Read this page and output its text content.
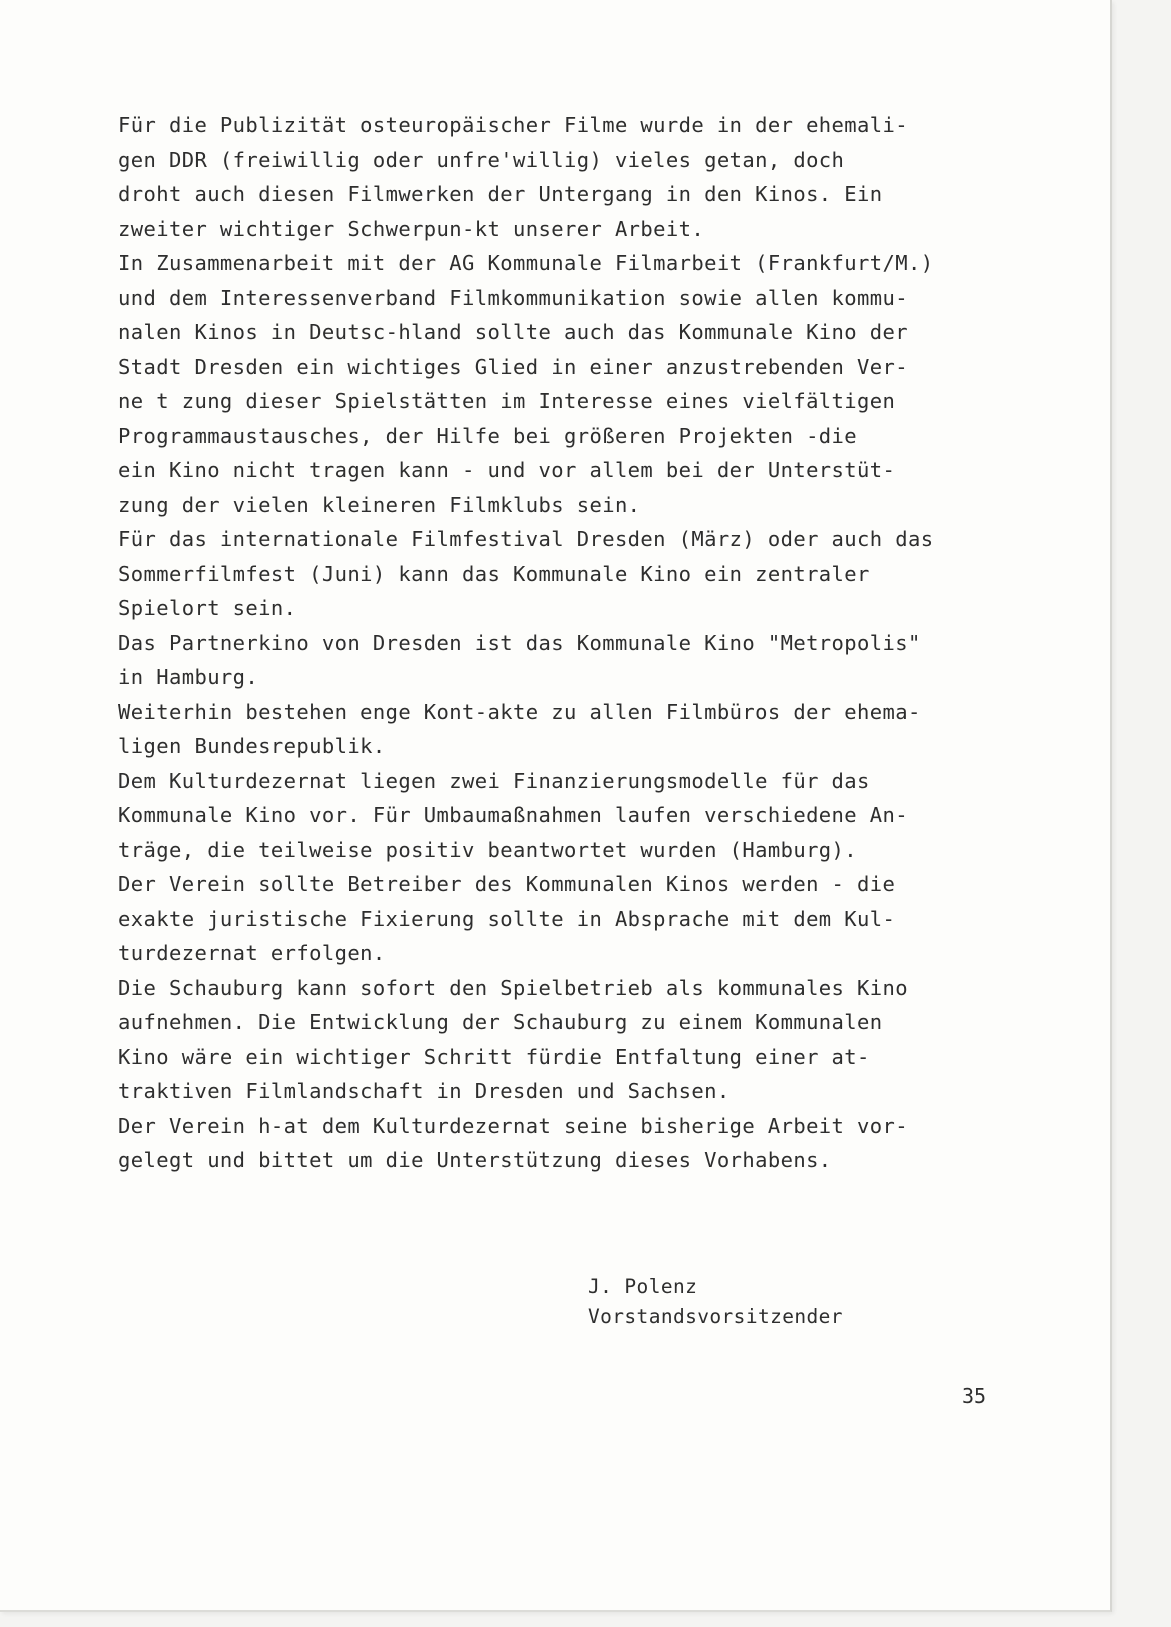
Für die Publizität osteuropäischer Filme wurde in der ehemali-
gen DDR (freiwillig oder unfre'willig) vieles getan, doch
droht auch diesen Filmwerken der Untergang in den Kinos. Ein
zweiter wichtiger Schwerpun-kt unserer Arbeit.
In Zusammenarbeit mit der AG Kommunale Filmarbeit (Frankfurt/M.)
und dem Interessenverband Filmkommunikation sowie allen kommu-
nalen Kinos in Deutsc-hland sollte auch das Kommunale Kino der
Stadt Dresden ein wichtiges Glied in einer anzustrebenden Ver-
ne t zung dieser Spielstätten im Interesse eines vielfältigen
Programmaustausches, der Hilfe bei größeren Projekten -die
ein Kino nicht tragen kann - und vor allem bei der Unterstüt-
zung der vielen kleineren Filmklubs sein.
Für das internationale Filmfestival Dresden (März) oder auch das
Sommerfilmfest (Juni) kann das Kommunale Kino ein zentraler
Spielort sein.
Das Partnerkino von Dresden ist das Kommunale Kino "Metropolis"
in Hamburg.
Weiterhin bestehen enge Kont-akte zu allen Filmbüros der ehema-
ligen Bundesrepublik.
Dem Kulturdezernat liegen zwei Finanzierungsmodelle für das
Kommunale Kino vor. Für Umbaumaßnahmen laufen verschiedene An-
träge, die teilweise positiv beantwortet wurden (Hamburg).
Der Verein sollte Betreiber des Kommunalen Kinos werden - die
exakte juristische Fixierung sollte in Absprache mit dem Kul-
turdezernat erfolgen.
Die Schauburg kann sofort den Spielbetrieb als kommunales Kino
aufnehmen. Die Entwicklung der Schauburg zu einem Kommunalen
Kino wäre ein wichtiger Schritt fürdie Entfaltung einer at-
traktiven Filmlandschaft in Dresden und Sachsen.
Der Verein h-at dem Kulturdezernat seine bisherige Arbeit vor-
gelegt und bittet um die Unterstützung dieses Vorhabens.
J. Polenz
Vorstandsvorsitzender
35
